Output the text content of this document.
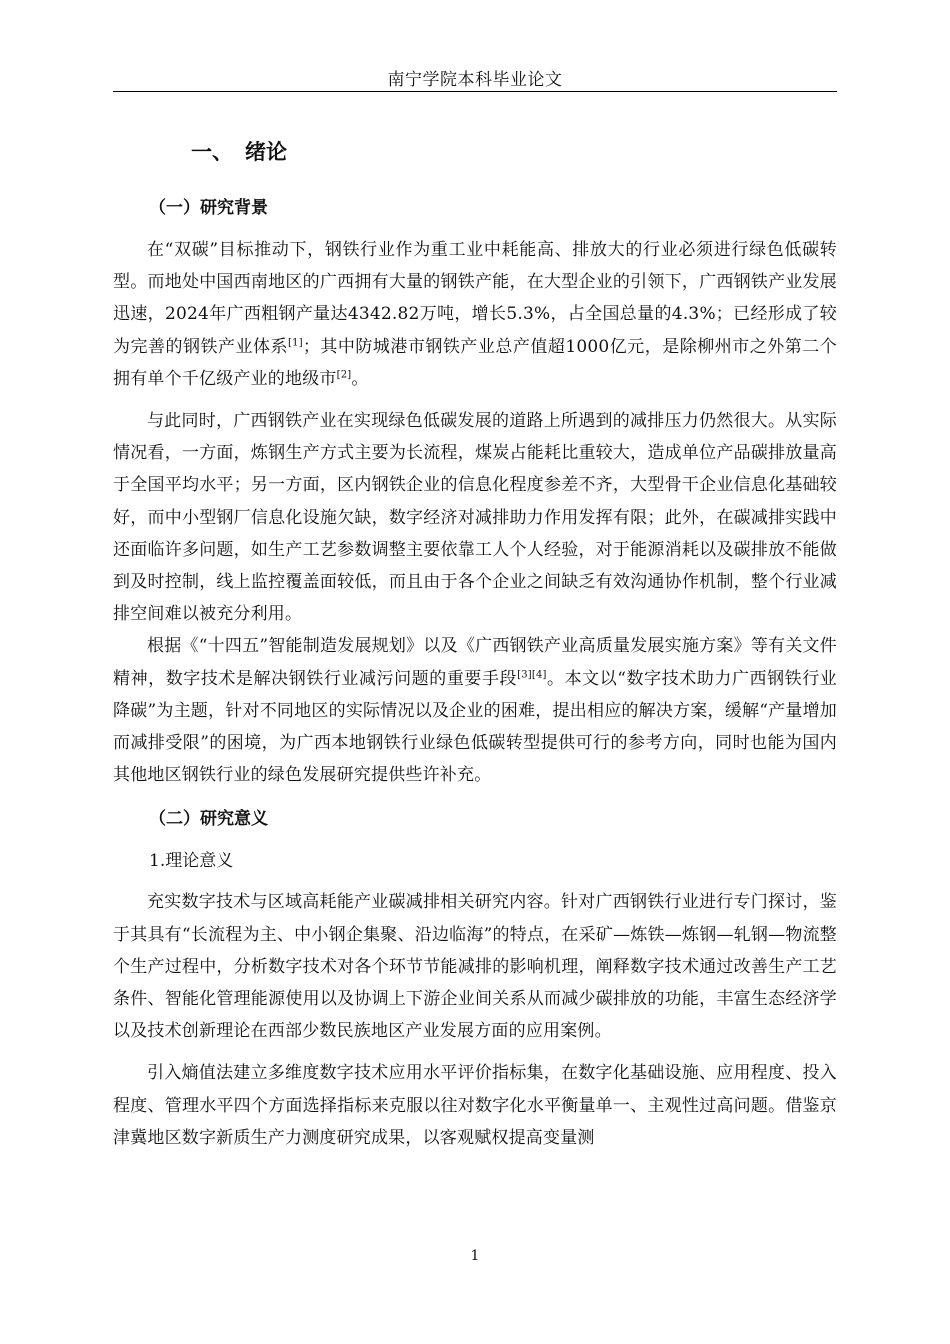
南宁学院本科毕业论文
一、 绪论
（一）研究背景

在“双碳”目标推动下，钢铁行业作为重工业中耗能高、排放大的行业必须进行绿色低碳转型。而地处中国西南地区的广西拥有大量的钢铁产能，在大型企业的引领下，广西钢铁产业发展迅速，2024年广西粗钢产量达4342.82万吨，增长5.3%，占全国总量的4.3%；已经形成了较为完善的钢铁产业体系[1]；其中防城港市钢铁产业总产值超1000亿元，是除柳州市之外第二个拥有单个千亿级产业的地级市[2]。

与此同时，广西钢铁产业在实现绿色低碳发展的道路上所遇到的减排压力仍然很大。从实际情况看，一方面，炼钢生产方式主要为长流程，煤炭占能耗比重较大，造成单位产品碳排放量高于全国平均水平；另一方面，区内钢铁企业的信息化程度参差不齐，大型骨干企业信息化基础较好，而中小型钢厂信息化设施欠缺，数字经济对减排助力作用发挥有限；此外，在碳减排实践中还面临许多问题，如生产工艺参数调整主要依靠工人个人经验，对于能源消耗以及碳排放不能做到及时控制，线上监控覆盖面较低，而且由于各个企业之间缺乏有效沟通协作机制，整个行业减排空间难以被充分利用。

根据《“十四五”智能制造发展规划》以及《广西钢铁产业高质量发展实施方案》等有关文件精神，数字技术是解决钢铁行业减污问题的重要手段[3][4]。本文以“数字技术助力广西钢铁行业降碳”为主题，针对不同地区的实际情况以及企业的困难，提出相应的解决方案，缓解“产量增加而减排受限”的困境，为广西本地钢铁行业绿色低碳转型提供可行的参考方向，同时也能为国内其他地区钢铁行业的绿色发展研究提供些许补充。

（二）研究意义
1.理论意义

充实数字技术与区域高耗能产业碳减排相关研究内容。针对广西钢铁行业进行专门探讨，鉴于其具有“长流程为主、中小钢企集聚、沿边临海”的特点，在采矿—炼铁—炼钢—轧钢—物流整个生产过程中，分析数字技术对各个环节节能减排的影响机理，阐释数字技术通过改善生产工艺条件、智能化管理能源使用以及协调上下游企业间关系从而减少碳排放的功能，丰富生态经济学以及技术创新理论在西部少数民族地区产业发展方面的应用案例。

引入熵值法建立多维度数字技术应用水平评价指标集，在数字化基础设施、应用程度、投入程度、管理水平四个方面选择指标来克服以往对数字化水平衡量单一、主观性过高问题。借鉴京津冀地区数字新质生产力测度研究成果，以客观赋权提高变量测

1
